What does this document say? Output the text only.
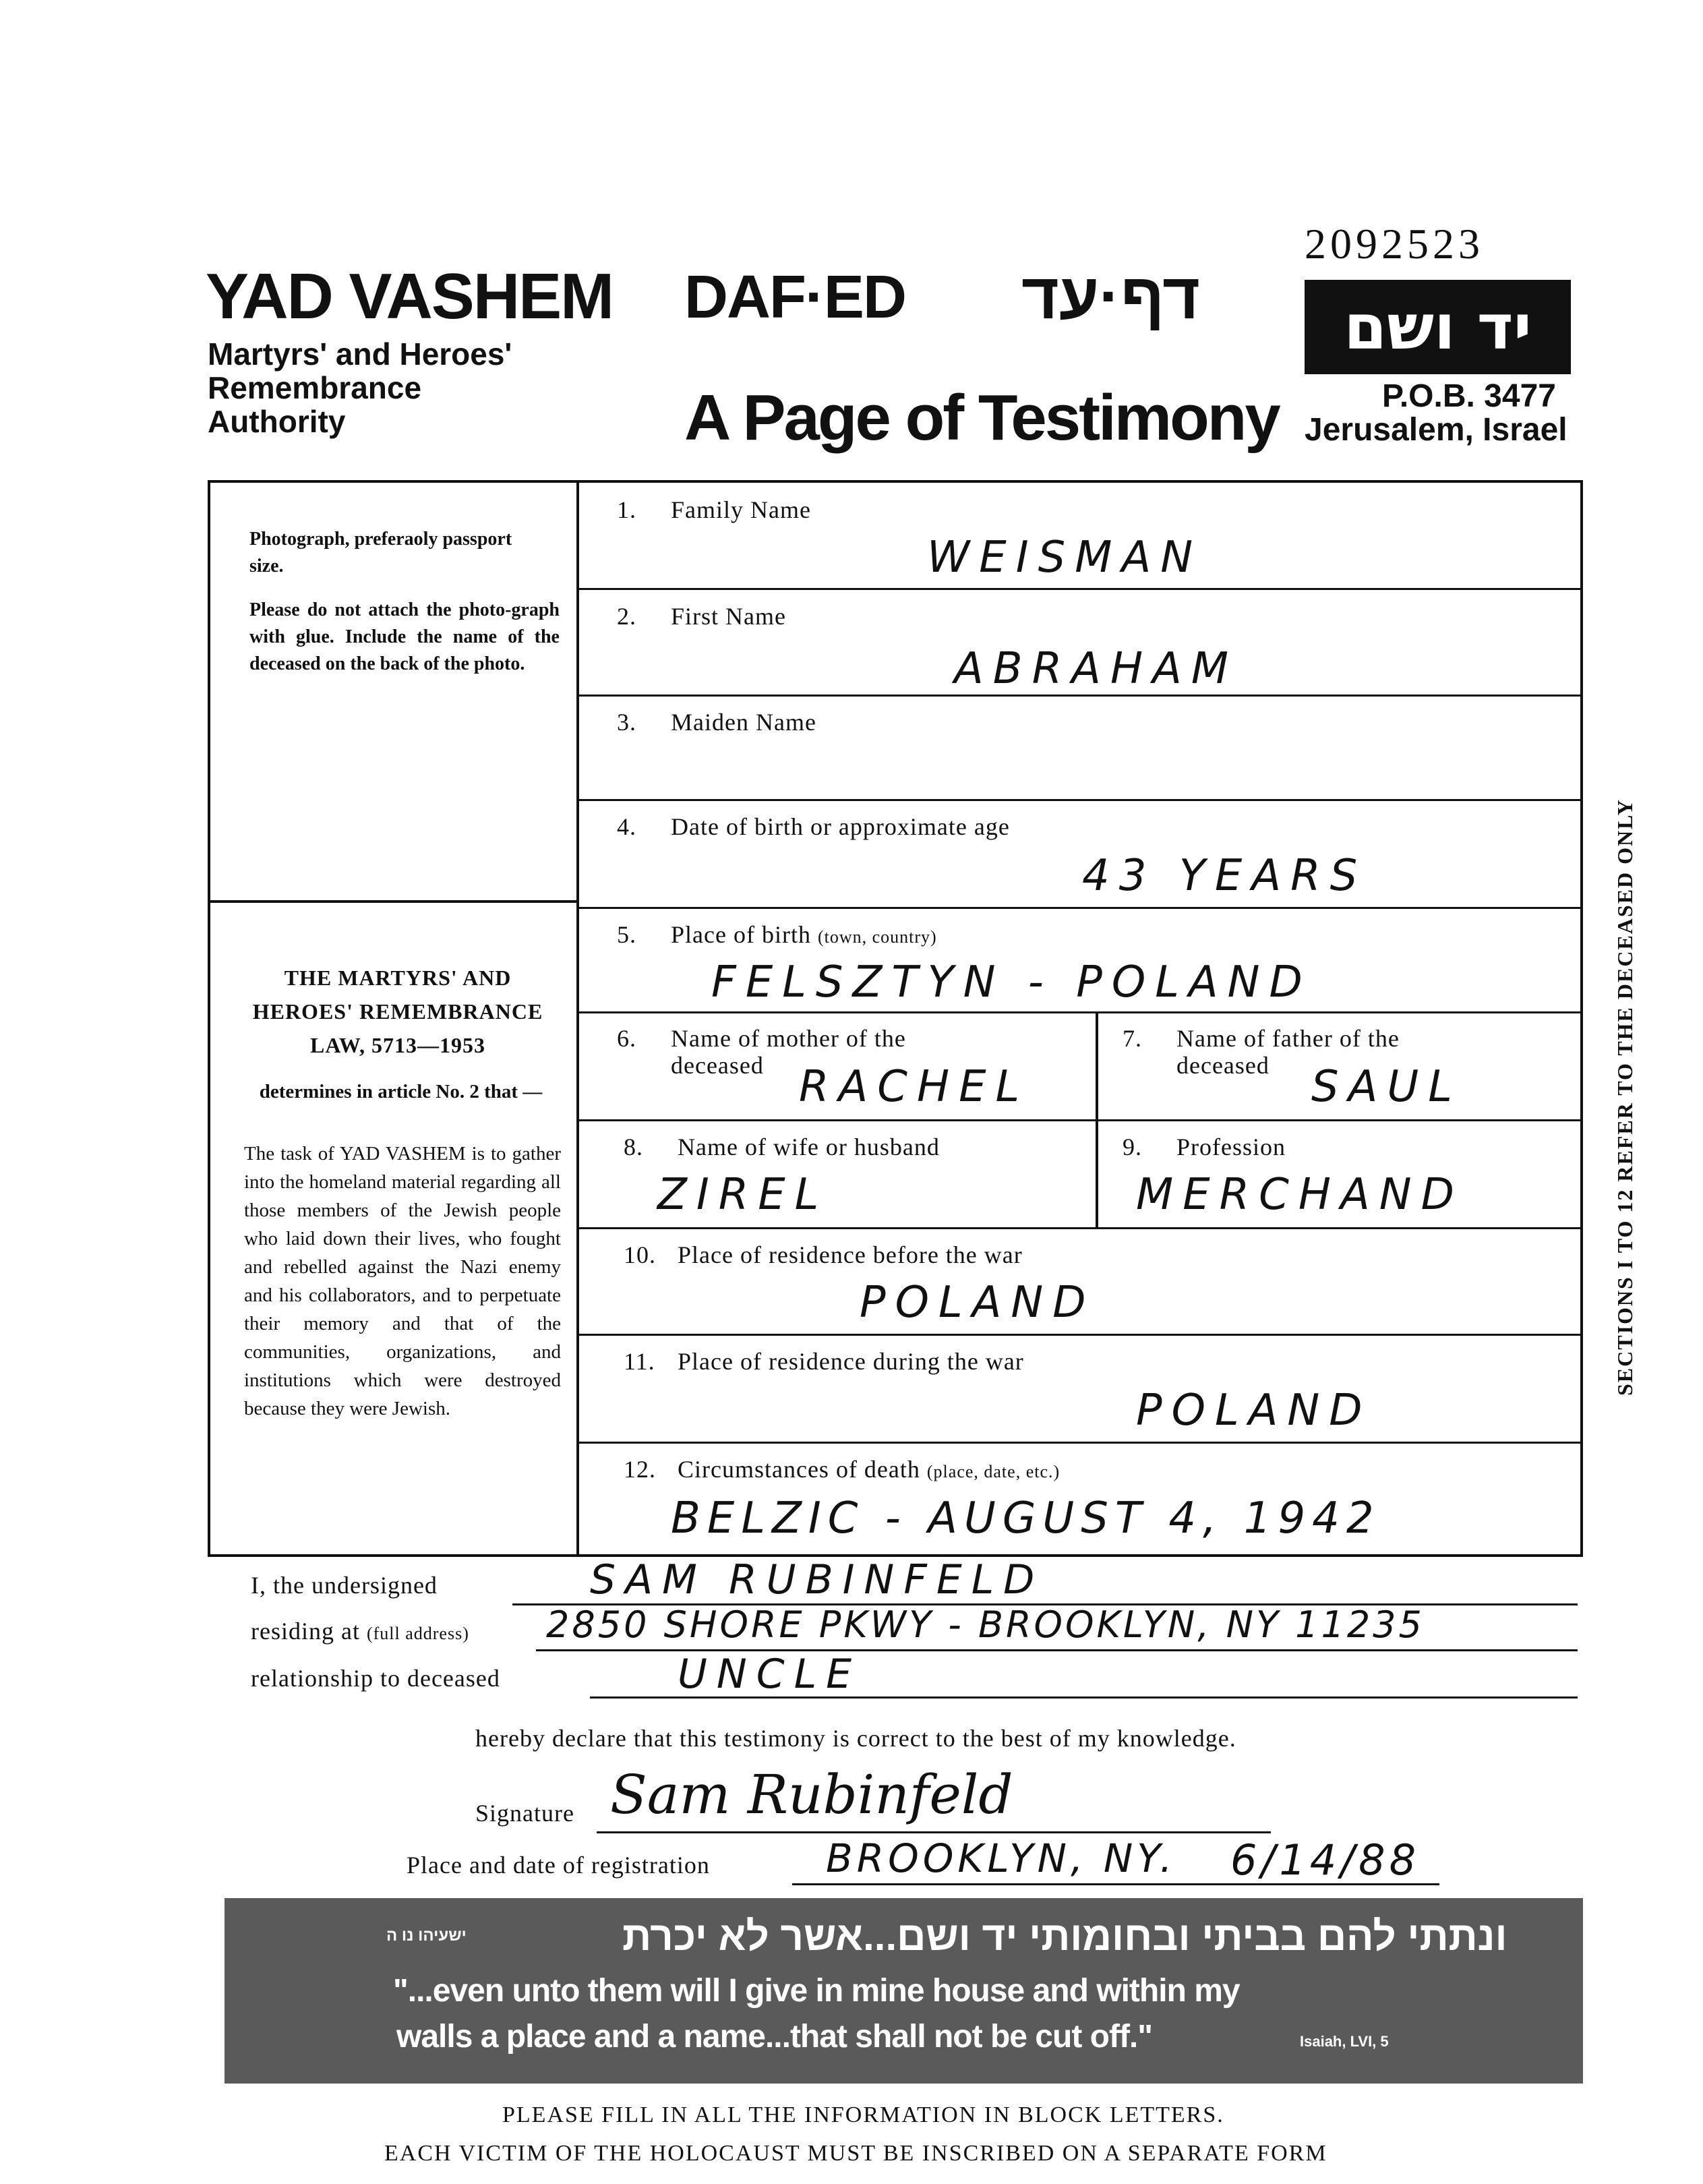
2092523
YAD VASHEM
Martyrs' and Heroes'
Remembrance
Authority
DAF·ED דף·עד
A Page of Testimony
יד ושם
P.O.B. 3477
Jerusalem, Israel
Photograph, preferaoly passport size.
Please do not attach the photo-graph with glue. Include the name of the deceased on the back of the photo.
THE MARTYRS' AND
HEROES' REMEMBRANCE
LAW, 5713—1953
determines in article No. 2 that —
The task of YAD VASHEM is to gather into the homeland material regarding all those members of the Jewish people who laid down their lives, who fought and rebelled against the Nazi enemy and his collaborators, and to perpetuate their memory and that of the communities, organizations, and institutions which were destroyed because they were Jewish.
1. Family Name
WEISMAN
2. First Name
ABRAHAM
3. Maiden Name
4. Date of birth or approximate age
43 YEARS
5. Place of birth (town, country)
FELSZTYN - POLAND
6. Name of mother of the
deceased RACHEL
7. Name of father of the
deceased SAUL
8. Name of wife or husband
ZIREL
9. Profession
MERCHAND
10. Place of residence before the war
POLAND
11. Place of residence during the war
POLAND
12. Circumstances of death (place, date, etc.)
BELZIC - AUGUST 4, 1942
SECTIONS I TO 12 REFER TO THE DECEASED ONLY
I, the undersigned	SAM RUBINFELD
residing at (full address) 2850 SHORE PKWY - BROOKLYN, NY 11235
relationship to deceased	UNCLE
hereby declare that this testimony is correct to the best of my knowledge.
Signature Sam Rubinfeld
Place and date of registration	BROOKLYN, NY. 6/14/88
ונתתי להם בביתי ובחומותי יד ושם...אשר לא יכרת
ישעיהו נו ה
"...even unto them will I give in mine house and within my
walls a place and a name...that shall not be cut off."	Isaiah, LVI, 5
PLEASE FILL IN ALL THE INFORMATION IN BLOCK LETTERS.
EACH VICTIM OF THE HOLOCAUST MUST BE INSCRIBED ON A SEPARATE FORM
